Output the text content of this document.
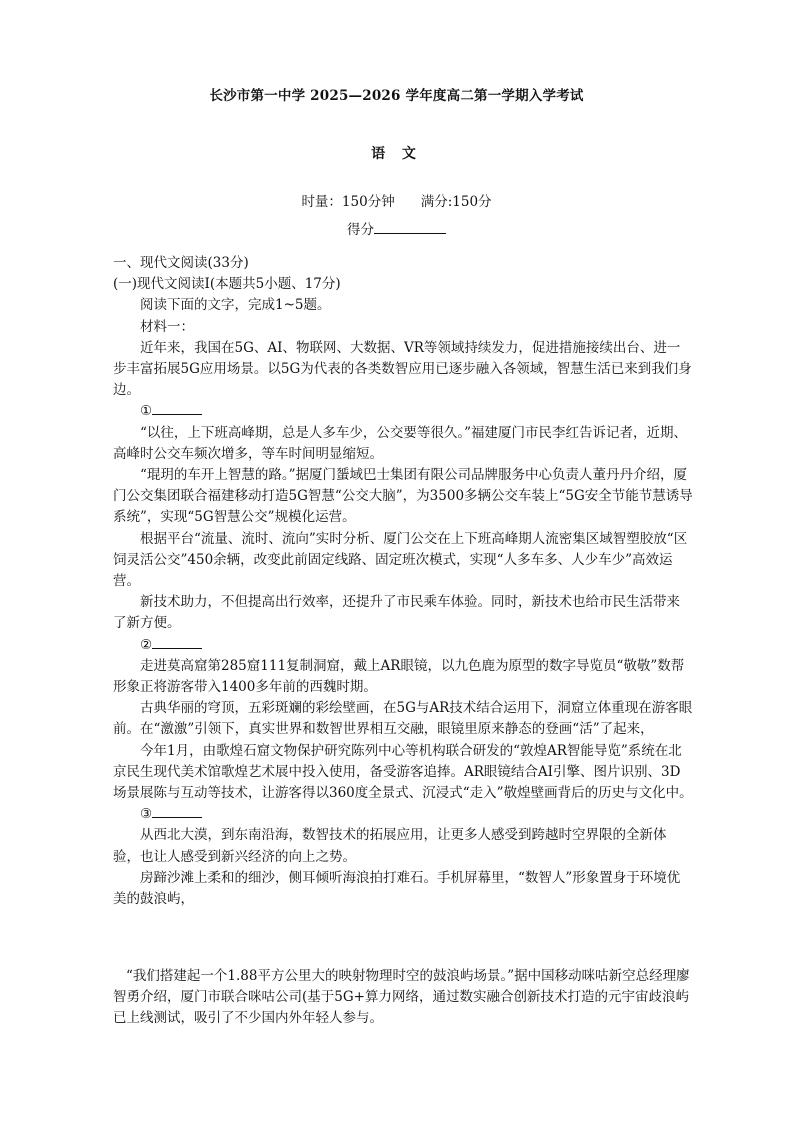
长沙市第一中学 2025—2026 学年度高二第一学期入学考试
语 文
时量：150分钟 满分:150分
得分

一、现代文阅读(33分)

(一)现代文阅读Ⅰ(本题共5小题、17分)

阅读下面的文字，完成1~5题。

材料一：

近年来，我国在5G、AI、物联网、大数据、VR等领域持续发力，促进措施接续出台、进一步丰富拓展5G应用场景。以5G为代表的各类数智应用已逐步融入各领域，智慧生活已来到我们身边。

①

“以往，上下班高峰期，总是人多车少，公交要等很久。”福建厦门市民李红告诉记者，近期、高峰时公交车频次增多，等车时间明显缩短。

“琨玥的车开上智慧的路。”据厦门蜑域巴士集团有限公司品牌服务中心负责人董丹丹介绍，厦门公交集团联合福建移动打造5G智慧“公交大脑”，为3500多辆公交车装上“5G安全节能节慧诱导系统”，实现“5G智慧公交”规模化运营。

根据平台“流量、流时、流向”实时分析、厦门公交在上下班高峰期人流密集区域智塑胶放“区饲灵活公交”450余辆，改变此前固定线路、固定班次模式，实现“人多车多、人少车少”高效运营。

新技术助力，不但提高出行效率，还提升了市民乘车体验。同时，新技术也给市民生活带来了新方便。

②

走进莫高窟第285窟111复制洞窟，戴上AR眼镜，以九色鹿为原型的数字导览员“敬敬”数帮形象正将游客带入1400多年前的西魏时期。

古典华丽的穹顶，五彩斑斓的彩绘壁画，在5G与AR技术结合运用下，洞窟立体重现在游客眼前。在“激激”引领下，真实世界和数智世界相互交融，眼镜里原来静态的登画“活”了起来，

今年1月，由歌煌石窟文物保护研究陈列中心等机构联合研发的“敦煌AR智能导览”系统在北京民生现代美术馆歌煌艺术展中投入使用，备受游客追捧。AR眼镜结合AI引擎、图片识别、3D场景展陈与互动等技术，让游客得以360度全景式、沉浸式“走入”敬煌壁画背后的历史与文化中。

③

从西北大漠，到东南沿海，数智技术的拓展应用，让更多人感受到跨越时空界限的全新体验，也让人感受到新兴经济的向上之势。

房蹄沙滩上柔和的细沙，侧耳倾听海浪拍打难石。手机屏幕里，“数智人”形象置身于环境优美的鼓浪屿，

“我们搭建起一个1.88平方公里大的映射物理时空的鼓浪屿场景。”据中国移动咪咕新空总经理廖智勇介绍，厦门市联合咪咕公司(基于5G+算力网络，通过数实融合创新技术打造的元宇宙歧浪屿已上线测试，吸引了不少国内外年轻人参与。
